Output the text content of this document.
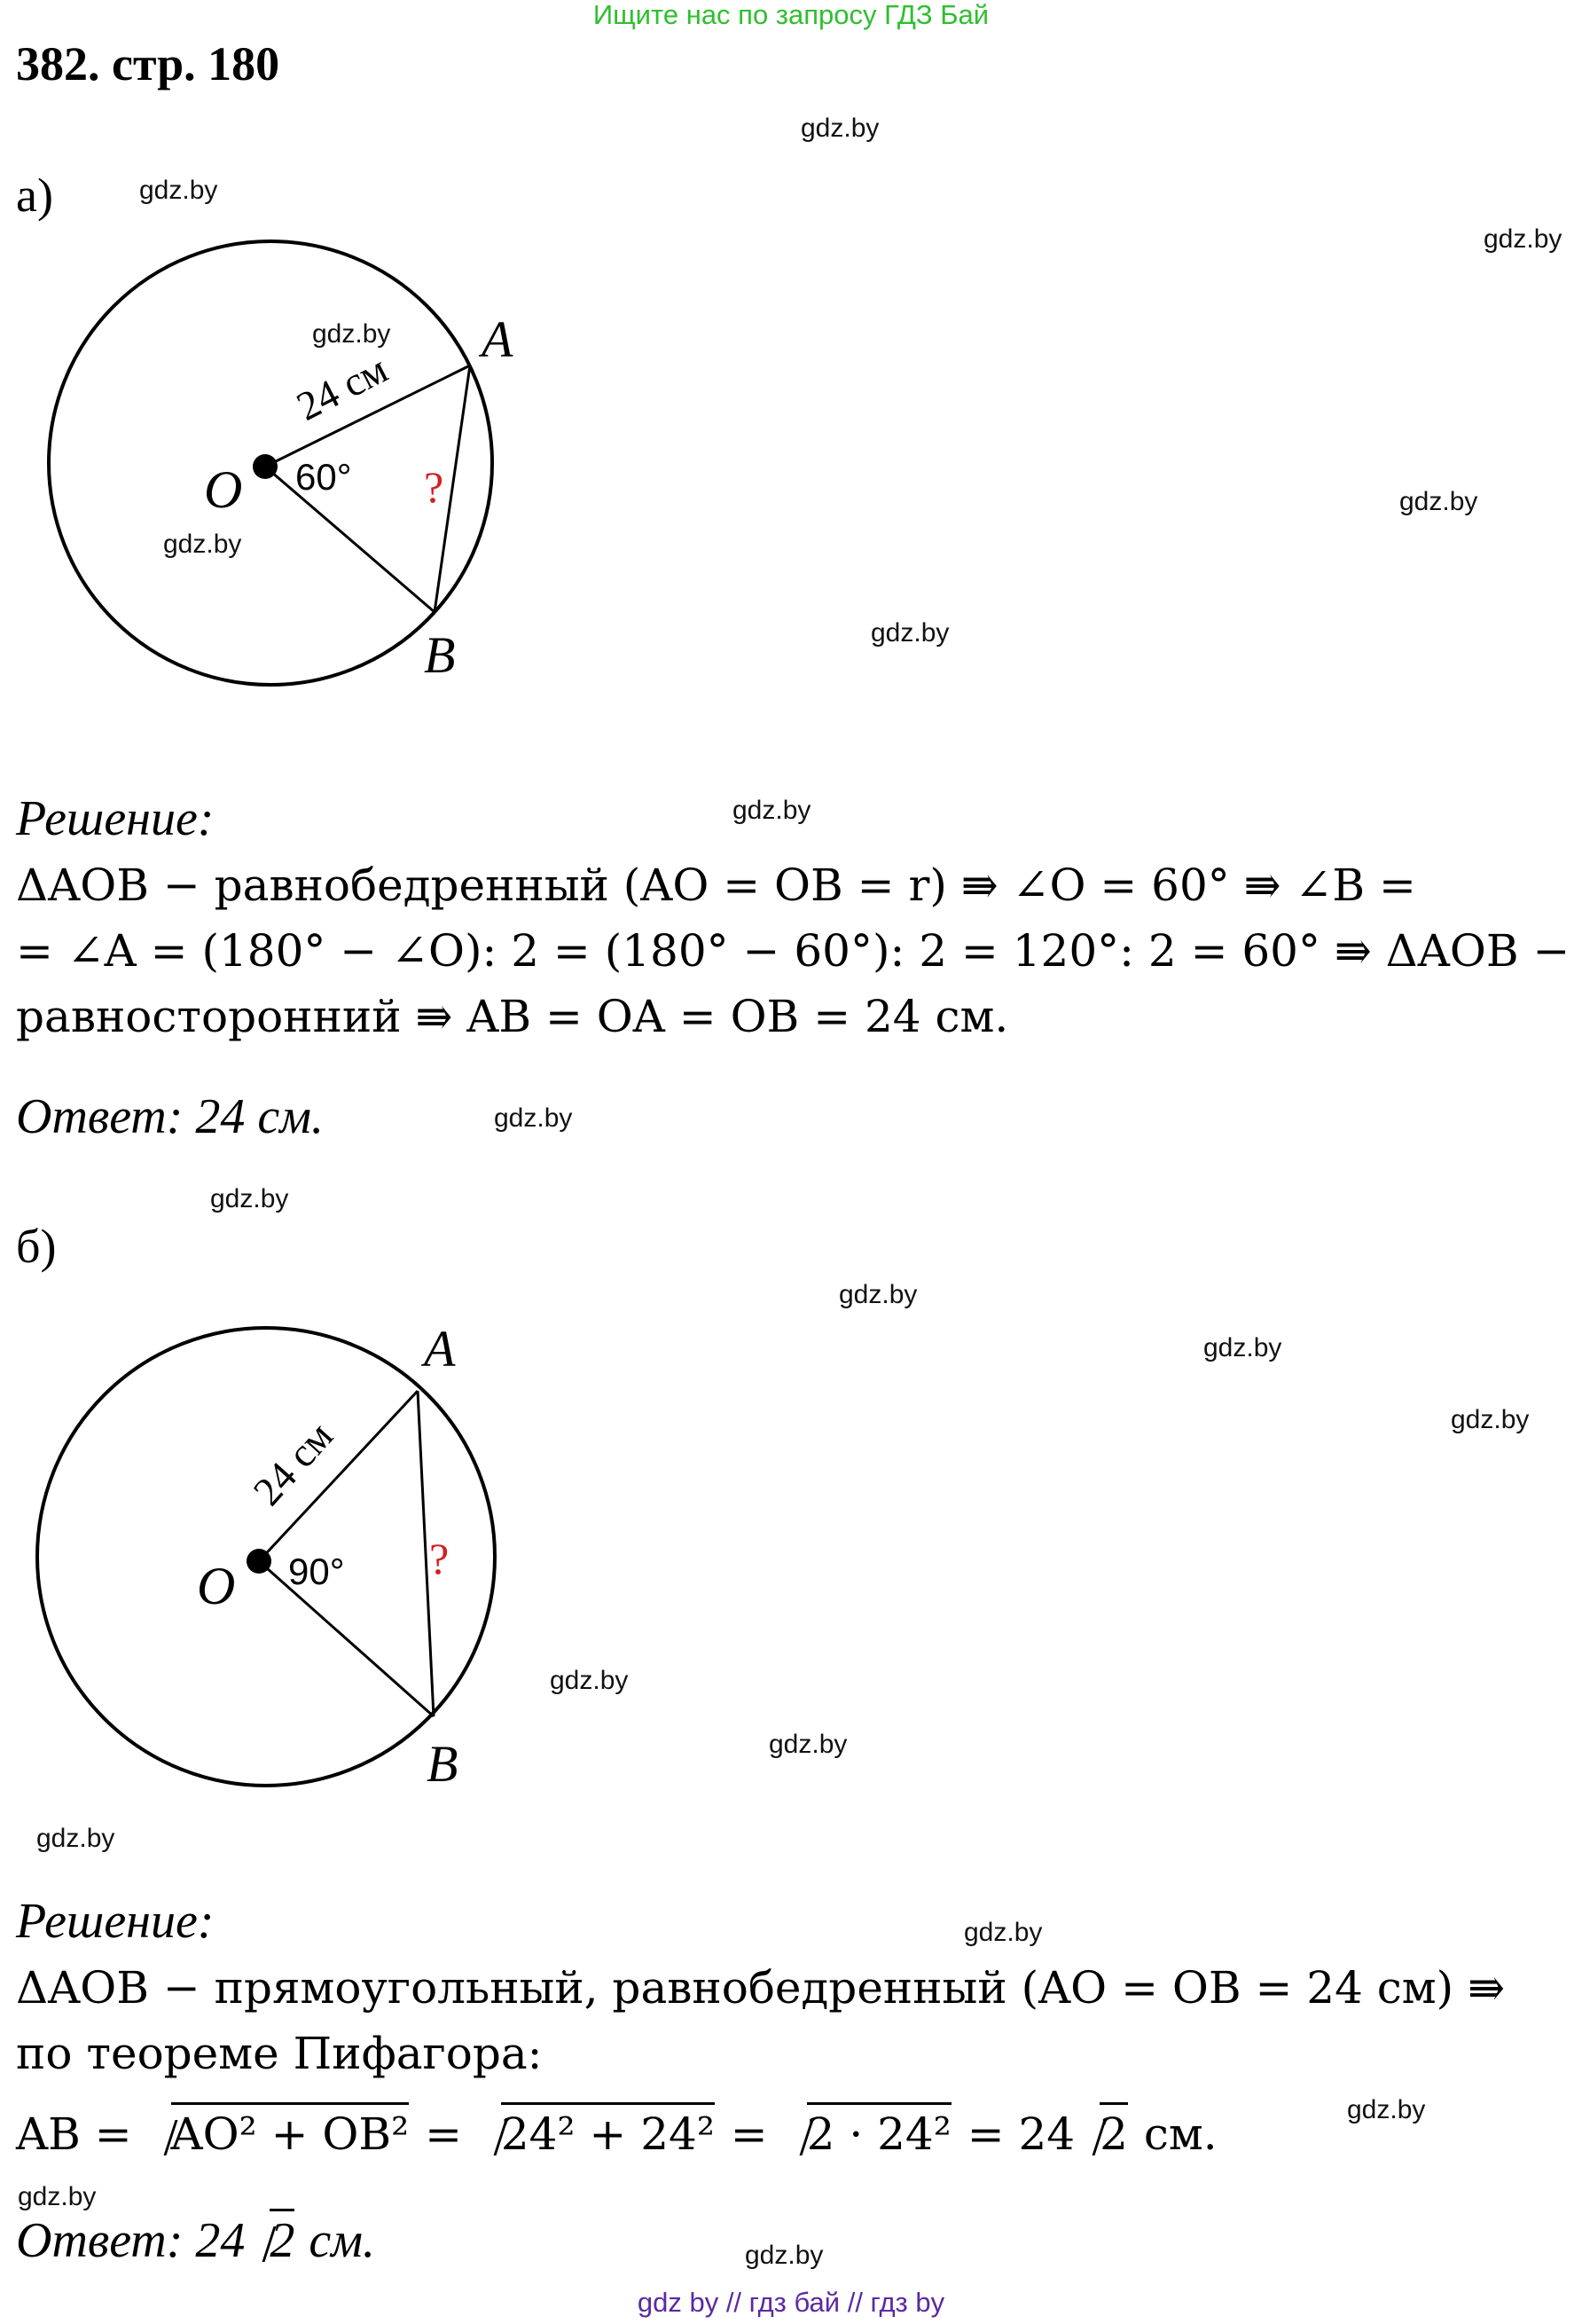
Ищите нас по запросу ГДЗ Бай
382. стр. 180
gdz.by
gdz.by
gdz.by
gdz.by
gdz.by
gdz.by
gdz.by
gdz.by
gdz.by
gdz.by
gdz.by
gdz.by
gdz.by
gdz.by
gdz.by
gdz.by
gdz.by
gdz.by
gdz.by
gdz.by
а)
O
A
B
24 см
60° ?
O
A
B
24 см
90° ?
Решение:
ΔAOB − равнобедренный (AO = OB = r) ⇛ ∠O = 60° ⇛ ∠B =
= ∠A = (180° − ∠O): 2 = (180° − 60°): 2 = 120°: 2 = 60° ⇛ ΔAOB −
равносторонний ⇛ AB = OA = OB = 24 см.
Ответ: 24 см.
б)
Решение:
ΔAOB − прямоугольный, равнобедренный (AO = OB = 24 см) ⇛
по теореме Пифагора:
AB = AO² + OB² = 24² + 24² = 2 · 24² = 24 2 см.
Ответ: 24 2 см.
gdz by // гдз бай // гдз by
